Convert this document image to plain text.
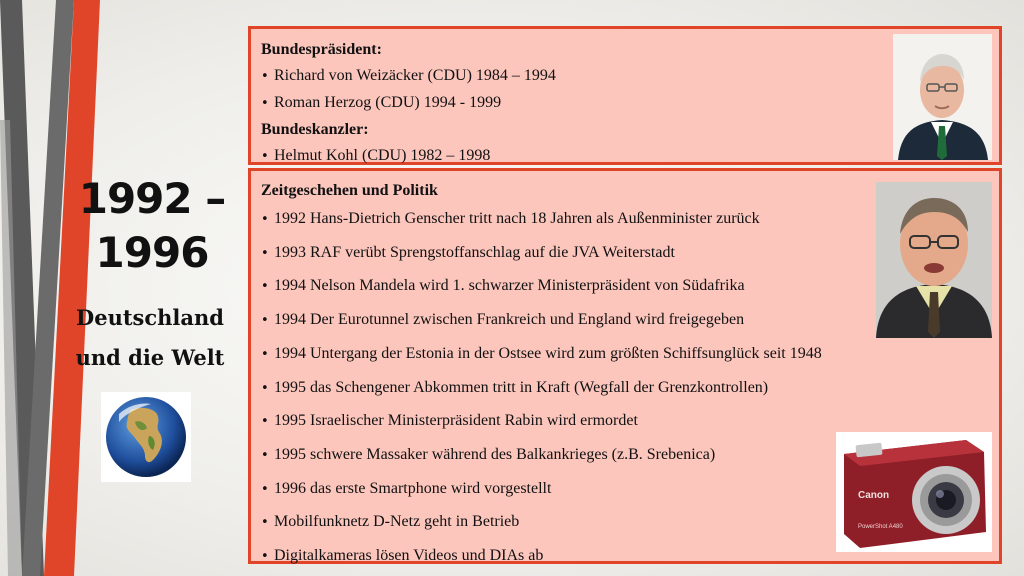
1992 –
1996
Deutschland
und die Welt
Bundespräsident:
• Richard von Weizäcker (CDU) 1984 – 1994
• Roman Herzog (CDU) 1994 - 1999
Bundeskanzler:
• Helmut Kohl (CDU) 1982 – 1998
Zeitgeschehen und Politik
• 1992 Hans-Dietrich Genscher tritt nach 18 Jahren als Außenminister zurück
• 1993 RAF verübt Sprengstoffanschlag auf die JVA Weiterstadt
• 1994 Nelson Mandela wird 1. schwarzer Ministerpräsident von Südafrika
• 1994 Der Eurotunnel zwischen Frankreich und England wird freigegeben
• 1994 Untergang der Estonia in der Ostsee wird zum größten Schiffsunglück seit 1948
• 1995 das Schengener Abkommen tritt in Kraft (Wegfall der Grenzkontrollen)
• 1995 Israelischer Ministerpräsident Rabin wird ermordet
• 1995 schwere Massaker während des Balkankrieges (z.B. Srebenica)
• 1996 das erste Smartphone wird vorgestellt
• Mobilfunknetz D-Netz geht in Betrieb
• Digitalkameras lösen Videos und DIAs ab
Canon
PowerShot A480
